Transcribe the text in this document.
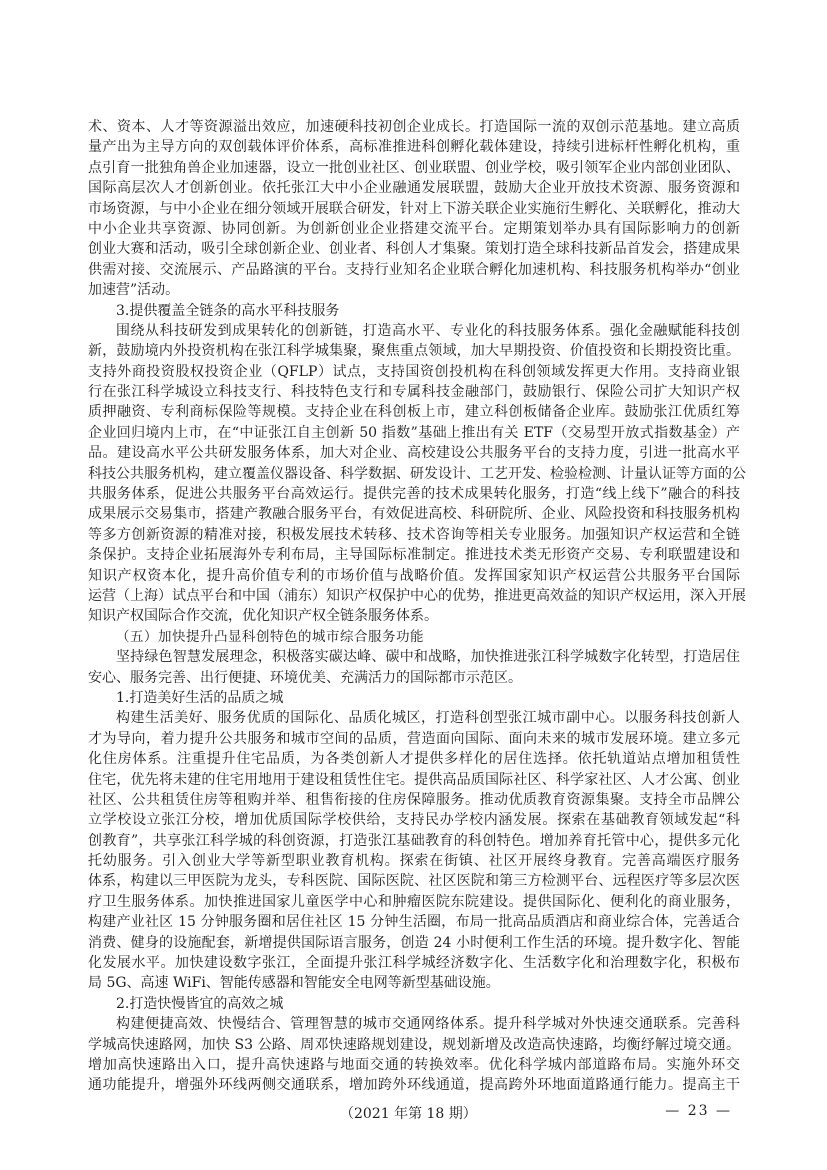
术、资本、人才等资源溢出效应，加速硬科技初创企业成长。打造国际一流的双创示范基地。建立高质
量产出为主导方向的双创载体评价体系，高标准推进科创孵化载体建设，持续引进标杆性孵化机构，重
点引育一批独角兽企业加速器，设立一批创业社区、创业联盟、创业学校，吸引领军企业内部创业团队、
国际高层次人才创新创业。依托张江大中小企业融通发展联盟，鼓励大企业开放技术资源、服务资源和
市场资源，与中小企业在细分领域开展联合研发，针对上下游关联企业实施衍生孵化、关联孵化，推动大
中小企业共享资源、协同创新。为创新创业企业搭建交流平台。定期策划举办具有国际影响力的创新
创业大赛和活动，吸引全球创新企业、创业者、科创人才集聚。策划打造全球科技新品首发会，搭建成果
供需对接、交流展示、产品路演的平台。支持行业知名企业联合孵化加速机构、科技服务机构举办“创业
加速营”活动。
3.提供覆盖全链条的高水平科技服务
围绕从科技研发到成果转化的创新链，打造高水平、专业化的科技服务体系。强化金融赋能科技创
新，鼓励境内外投资机构在张江科学城集聚，聚焦重点领域，加大早期投资、价值投资和长期投资比重。
支持外商投资股权投资企业（QFLP）试点，支持国资创投机构在科创领域发挥更大作用。支持商业银
行在张江科学城设立科技支行、科技特色支行和专属科技金融部门，鼓励银行、保险公司扩大知识产权
质押融资、专利商标保险等规模。支持企业在科创板上市，建立科创板储备企业库。鼓励张江优质红筹
企业回归境内上市，在“中证张江自主创新 50 指数”基础上推出有关 ETF（交易型开放式指数基金）产
品。建设高水平公共研发服务体系，加大对企业、高校建设公共服务平台的支持力度，引进一批高水平
科技公共服务机构，建立覆盖仪器设备、科学数据、研发设计、工艺开发、检验检测、计量认证等方面的公
共服务体系，促进公共服务平台高效运行。提供完善的技术成果转化服务，打造“线上线下”融合的科技
成果展示交易集市，搭建产教融合服务平台，有效促进高校、科研院所、企业、风险投资和科技服务机构
等多方创新资源的精准对接，积极发展技术转移、技术咨询等相关专业服务。加强知识产权运营和全链
条保护。支持企业拓展海外专利布局，主导国际标准制定。推进技术类无形资产交易、专利联盟建设和
知识产权资本化，提升高价值专利的市场价值与战略价值。发挥国家知识产权运营公共服务平台国际
运营（上海）试点平台和中国（浦东）知识产权保护中心的优势，推进更高效益的知识产权运用，深入开展
知识产权国际合作交流，优化知识产权全链条服务体系。
（五）加快提升凸显科创特色的城市综合服务功能
坚持绿色智慧发展理念，积极落实碳达峰、碳中和战略，加快推进张江科学城数字化转型，打造居住
安心、服务完善、出行便捷、环境优美、充满活力的国际都市示范区。
1.打造美好生活的品质之城
构建生活美好、服务优质的国际化、品质化城区，打造科创型张江城市副中心。以服务科技创新人
才为导向，着力提升公共服务和城市空间的品质，营造面向国际、面向未来的城市发展环境。建立多元
化住房体系。注重提升住宅品质，为各类创新人才提供多样化的居住选择。依托轨道站点增加租赁性
住宅，优先将未建的住宅用地用于建设租赁性住宅。提供高品质国际社区、科学家社区、人才公寓、创业
社区、公共租赁住房等租购并举、租售衔接的住房保障服务。推动优质教育资源集聚。支持全市品牌公
立学校设立张江分校，增加优质国际学校供给，支持民办学校内涵发展。探索在基础教育领域发起“科
创教育”，共享张江科学城的科创资源，打造张江基础教育的科创特色。增加养育托管中心，提供多元化
托幼服务。引入创业大学等新型职业教育机构。探索在街镇、社区开展终身教育。完善高端医疗服务
体系，构建以三甲医院为龙头，专科医院、国际医院、社区医院和第三方检测平台、远程医疗等多层次医
疗卫生服务体系。加快推进国家儿童医学中心和肿瘤医院东院建设。提供国际化、便利化的商业服务，
构建产业社区 15 分钟服务圈和居住社区 15 分钟生活圈，布局一批高品质酒店和商业综合体，完善适合
消费、健身的设施配套，新增提供国际语言服务，创造 24 小时便利工作生活的环境。提升数字化、智能
化发展水平。加快建设数字张江，全面提升张江科学城经济数字化、生活数字化和治理数字化，积极布
局 5G、高速 WiFi、智能传感器和智能安全电网等新型基础设施。
2.打造快慢皆宜的高效之城
构建便捷高效、快慢结合、管理智慧的城市交通网络体系。提升科学城对外快速交通联系。完善科
学城高快速路网，加快 S3 公路、周邓快速路规划建设，规划新增及改造高快速路，均衡纾解过境交通。
增加高快速路出入口，提升高快速路与地面交通的转换效率。优化科学城内部道路布局。实施外环交
通功能提升，增强外环线两侧交通联系，增加跨外环线通道，提高跨外环地面道路通行能力。提高主干
（2021 年第 18 期）	— 23 —
